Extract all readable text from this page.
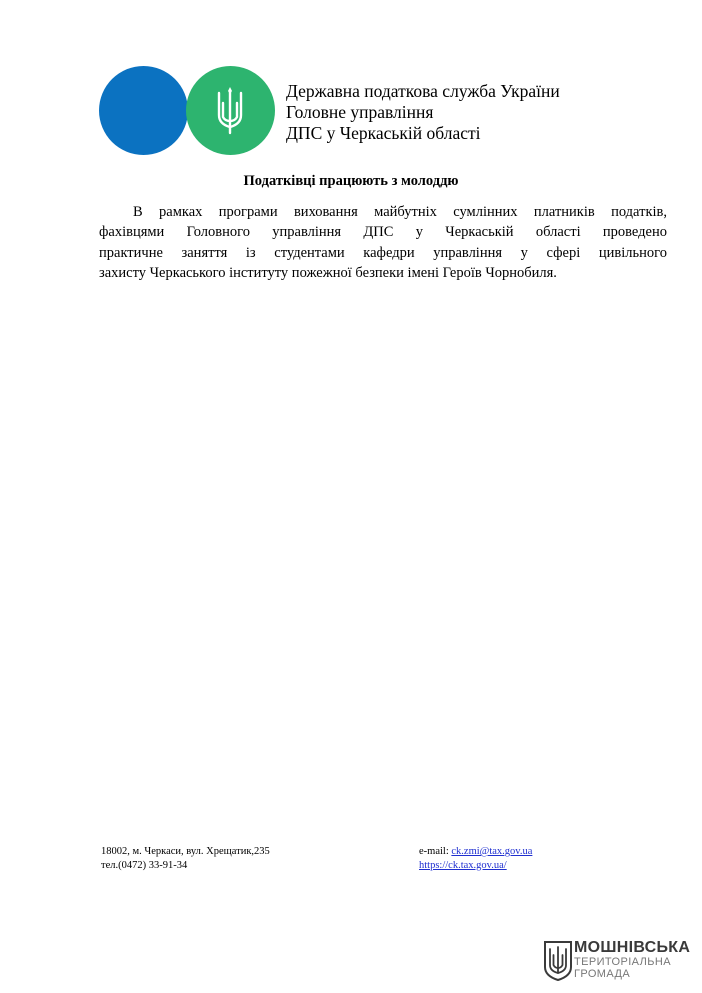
Державна податкова служба України
Головне управління
ДПС у Черкаській області
Податківці працюють з молоддю
В рамках програми виховання майбутніх сумлінних платників податків,
фахівцями Головного управління ДПС у Черкаській області проведено
практичне заняття із студентами кафедри управління у сфері цивільного
захисту Черкаського інституту пожежної безпеки імені Героїв Чорнобиля.
18002, м. Черкаси, вул. Хрещатик,235
тел.(0472) 33-91-34
e-mail: ck.zmi@tax.gov.ua
https://ck.tax.gov.ua/
МОШНІВСЬКА
ТЕРИТОРІАЛЬНА
ГРОМАДА
